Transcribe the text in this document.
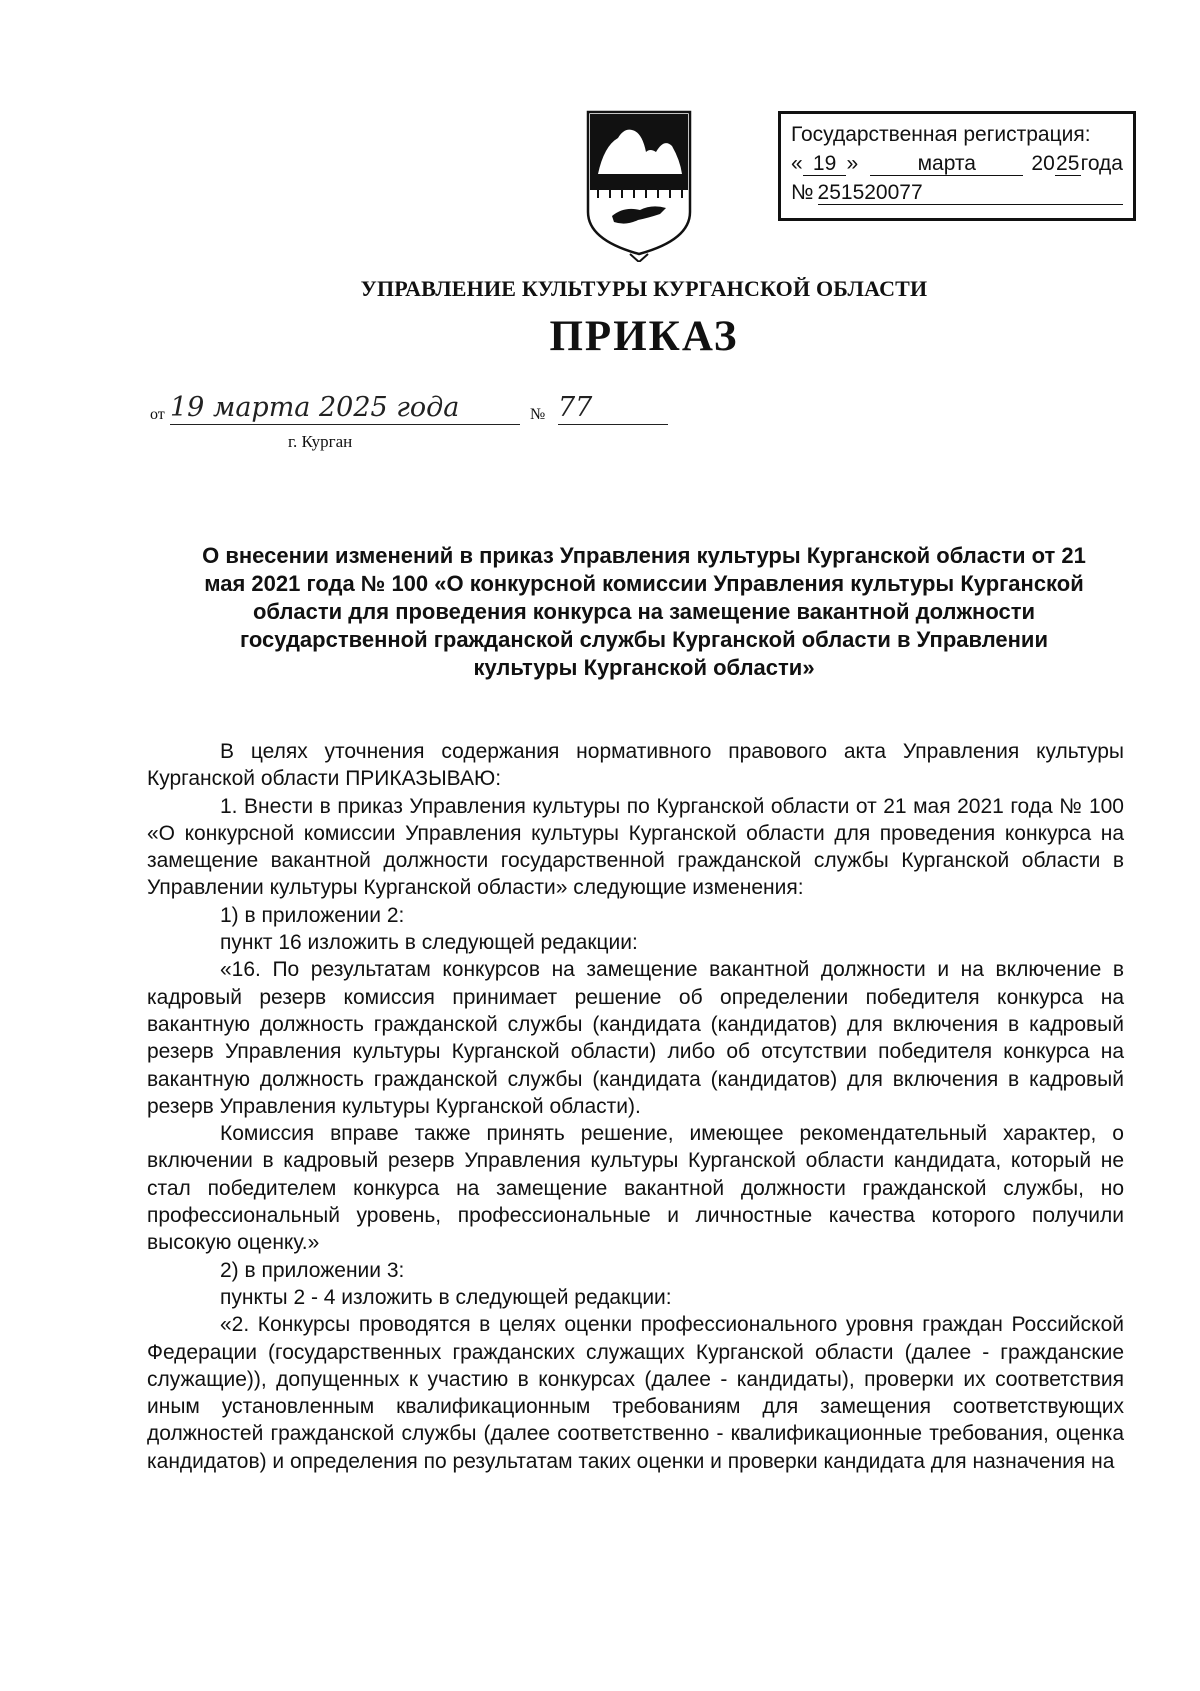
Государственная регистрация:
« 19 »	марта	20 25 года
№ 251520077
УПРАВЛЕНИЕ КУЛЬТУРЫ КУРГАНСКОЙ ОБЛАСТИ
ПРИКАЗ
от 19 марта 2025 года	№ 77
г. Курган
О внесении изменений в приказ Управления культуры Курганской области от 21 мая 2021 года № 100 «О конкурсной комиссии Управления культуры Курганской области для проведения конкурса на замещение вакантной должности государственной гражданской службы Курганской области в Управлении культуры Курганской области»

В целях уточнения содержания нормативного правового акта Управления культуры Курганской области ПРИКАЗЫВАЮ:

1. Внести в приказ Управления культуры по Курганской области от 21 мая 2021 года № 100 «О конкурсной комиссии Управления культуры Курганской области для проведения конкурса на замещение вакантной должности государственной гражданской службы Курганской области в Управлении культуры Курганской области» следующие изменения:

1) в приложении 2:

пункт 16 изложить в следующей редакции:

«16. По результатам конкурсов на замещение вакантной должности и на включение в кадровый резерв комиссия принимает решение об определении победителя конкурса на вакантную должность гражданской службы (кандидата (кандидатов) для включения в кадровый резерв Управления культуры Курганской области) либо об отсутствии победителя конкурса на вакантную должность гражданской службы (кандидата (кандидатов) для включения в кадровый резерв Управления культуры Курганской области).

Комиссия вправе также принять решение, имеющее рекомендательный характер, о включении в кадровый резерв Управления культуры Курганской области кандидата, который не стал победителем конкурса на замещение вакантной должности гражданской службы, но профессиональный уровень, профессиональные и личностные качества которого получили высокую оценку.»

2) в приложении 3:

пункты 2 - 4 изложить в следующей редакции:

«2. Конкурсы проводятся в целях оценки профессионального уровня граждан Российской Федерации (государственных гражданских служащих Курганской области (далее - гражданские служащие)), допущенных к участию в конкурсах (далее - кандидаты), проверки их соответствия иным установленным квалификационным требованиям для замещения соответствующих должностей гражданской службы (далее соответственно - квалификационные требования, оценка кандидатов) и определения по результатам таких оценки и проверки кандидата для назначения на
